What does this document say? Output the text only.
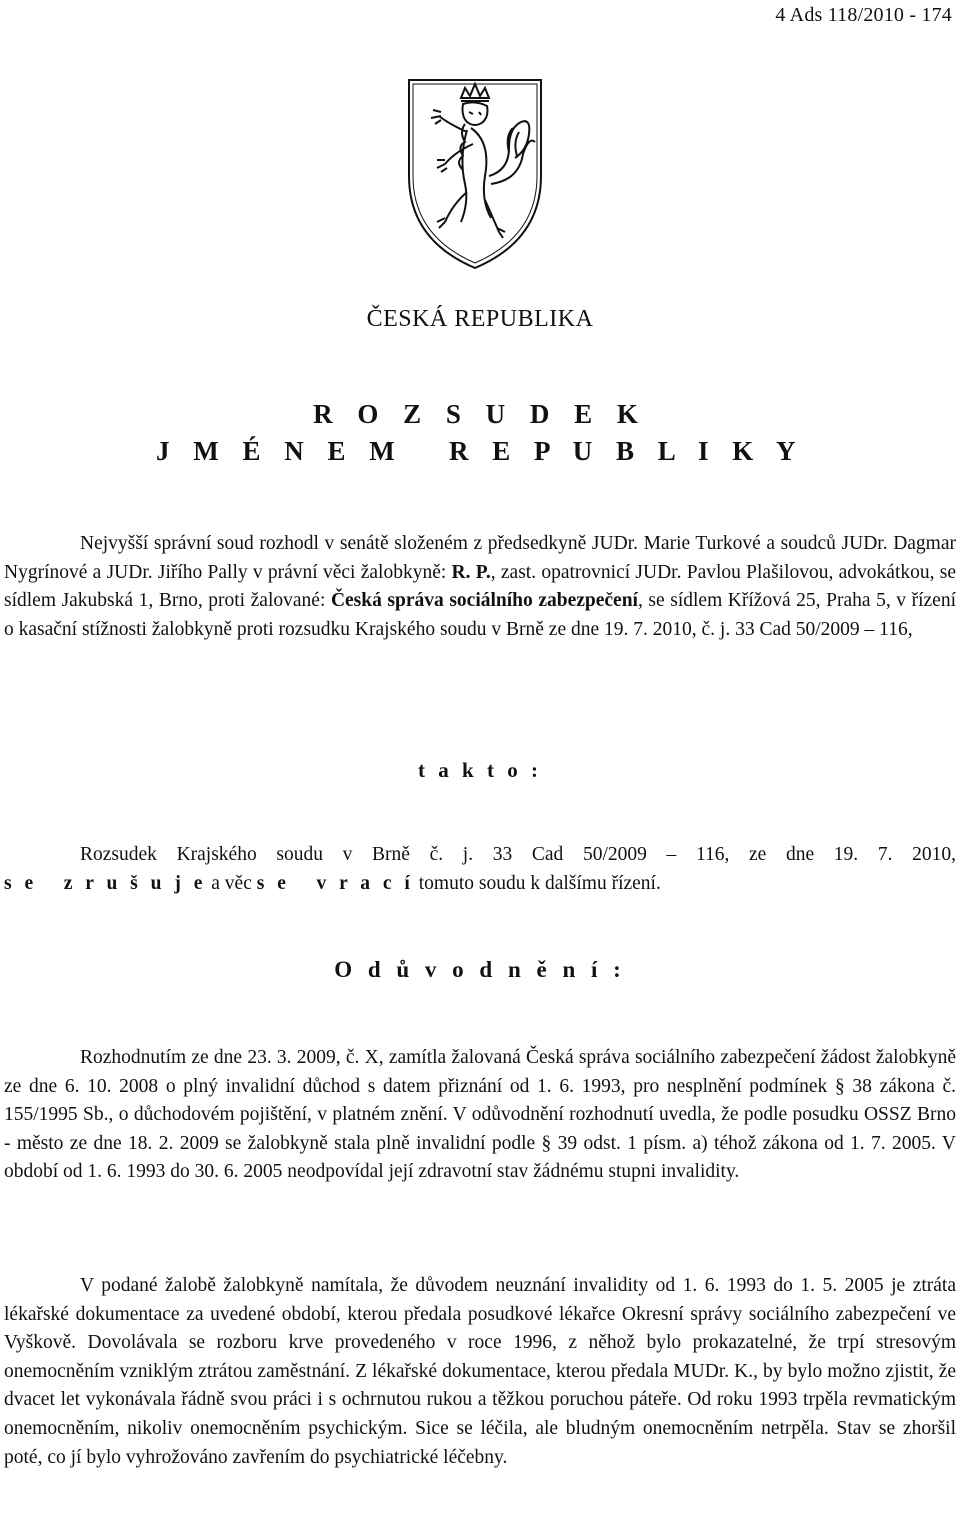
4 Ads 118/2010 - 174
ČESKÁ REPUBLIKA
R O Z S U D E K
J M É N E M   R E P U B L I K Y

Nejvyšší správní soud rozhodl v senátě složeném z předsedkyně JUDr. Marie Turkové a soudců JUDr. Dagmar Nygrínové a JUDr. Jiřího Pally v právní věci žalobkyně: R. P., zast. opatrovnicí JUDr. Pavlou Plašilovou, advokátkou, se sídlem Jakubská 1, Brno, proti žalované: Česká správa sociálního zabezpečení, se sídlem Křížová 25, Praha 5, v řízení o kasační stížnosti žalobkyně proti rozsudku Krajského soudu v Brně ze dne 19. 7. 2010, č. j. 33 Cad 50/2009 – 116,

t a k t o :

Rozsudek Krajského soudu v Brně č. j. 33 Cad 50/2009 – 116, ze dne 19. 7. 2010, s e   z r u š u j e a věc s e   v r a c í tomuto soudu k dalšímu řízení.

O d ů v o d n ě n í :

Rozhodnutím ze dne 23. 3. 2009, č. X, zamítla žalovaná Česká správa sociálního zabezpečení žádost žalobkyně ze dne 6. 10. 2008 o plný invalidní důchod s datem přiznání od 1. 6. 1993, pro nesplnění podmínek § 38 zákona č. 155/1995 Sb., o důchodovém pojištění, v platném znění. V odůvodnění rozhodnutí uvedla, že podle posudku OSSZ Brno - město ze dne 18. 2. 2009 se žalobkyně stala plně invalidní podle § 39 odst. 1 písm. a) téhož zákona od 1. 7. 2005. V období od 1. 6. 1993 do 30. 6. 2005 neodpovídal její zdravotní stav žádnému stupni invalidity.

V podané žalobě žalobkyně namítala, že důvodem neuznání invalidity od 1. 6. 1993 do 1. 5. 2005 je ztráta lékařské dokumentace za uvedené období, kterou předala posudkové lékařce Okresní správy sociálního zabezpečení ve Vyškově. Dovolávala se rozboru krve provedeného v roce 1996, z něhož bylo prokazatelné, že trpí stresovým onemocněním vzniklým ztrátou zaměstnání. Z lékařské dokumentace, kterou předala MUDr. K., by bylo možno zjistit, že dvacet let vykonávala řádně svou práci i s ochrnutou rukou a těžkou poruchou páteře. Od roku 1993 trpěla revmatickým onemocněním, nikoliv onemocněním psychickým. Sice se léčila, ale bludným onemocněním netrpěla. Stav se zhoršil poté, co jí bylo vyhrožováno zavřením do psychiatrické léčebny.
